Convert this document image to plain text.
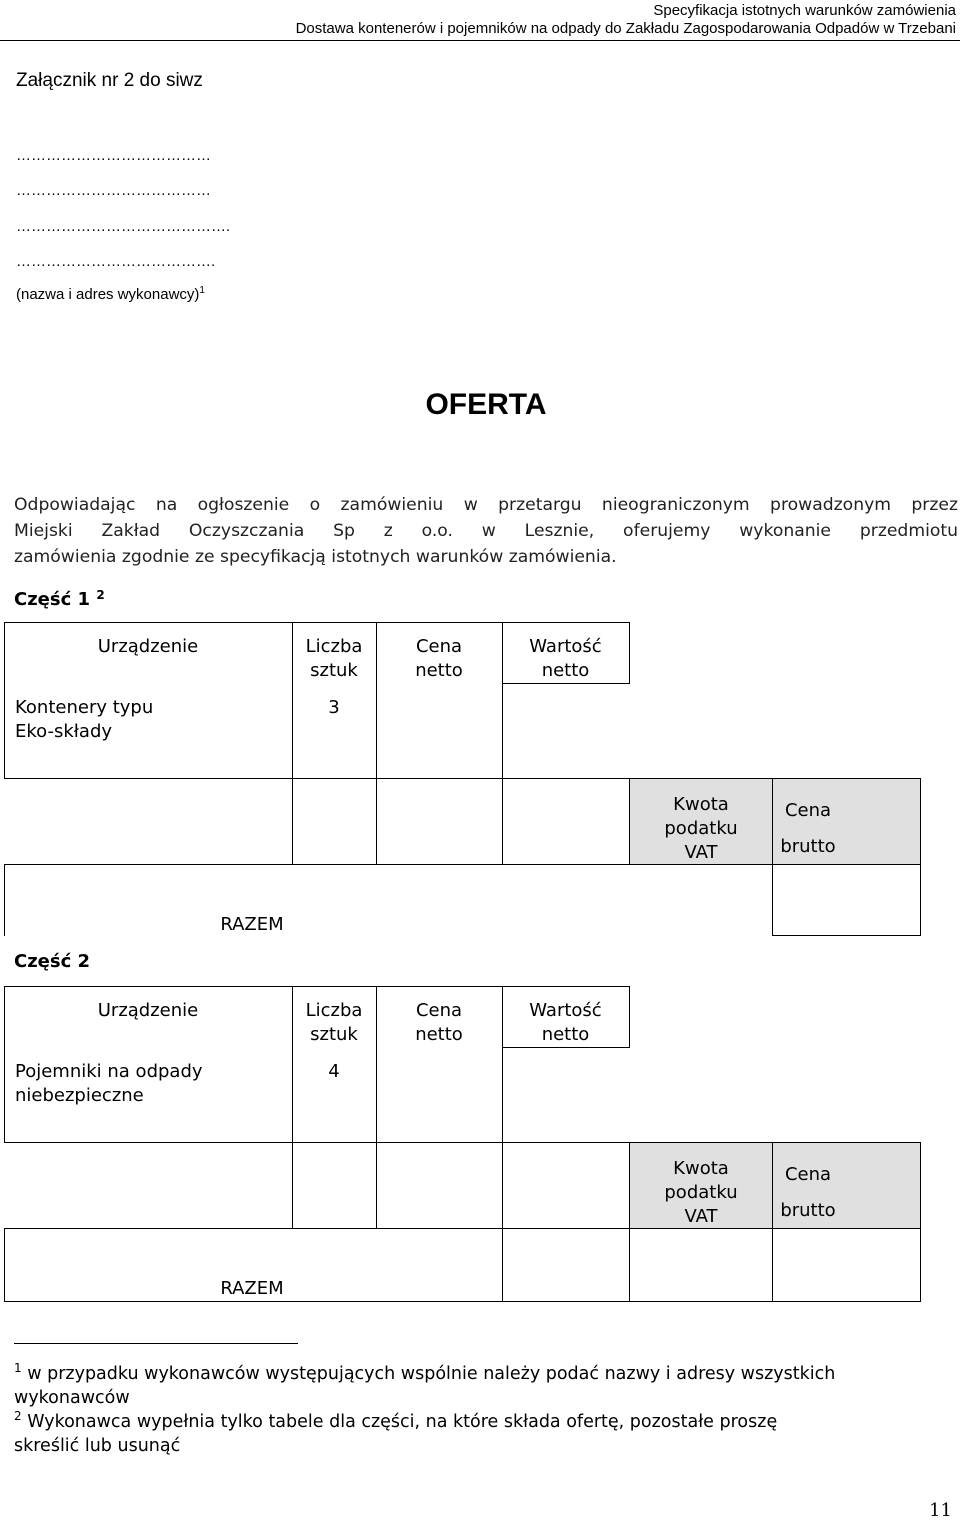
Specyfikacja istotnych warunków zamówienia
Dostawa kontenerów i pojemników na odpady do Zakładu Zagospodarowania Odpadów w Trzebani
Załącznik nr 2 do siwz
…………………………………
…………………………………
…………………………………….
………………………………….
(nazwa i adres wykonawcy)$^1$
OFERTA
Odpowiadając na ogłoszenie o zamówieniu w przetargu nieograniczonym prowadzonym przez
Miejski Zakład Oczyszczania Sp z o.o. w Lesznie, oferujemy wykonanie przedmiotu
zamówienia zgodnie ze specyfikacją istotnych warunków zamówienia.
Część 1 $^2$
Urządzenie	Liczba
sztuk
Cena
netto
Wartość
netto
Kontenery typu
Eko-składy
3
Kwota
podatku
VAT
Cena
brutto
RAZEM
Część 2
Urządzenie	Liczba
sztuk
Cena
netto
Wartość
netto
Pojemniki na odpady
niebezpieczne
4
Kwota
podatku
VAT
Cena
brutto
RAZEM
$^1$ w przypadku wykonawców występujących wspólnie należy podać nazwy i adresy wszystkich
wykonawców
$^2$ Wykonawca wypełnia tylko tabele dla części, na które składa ofertę, pozostałe proszę
skreślić lub usunąć
11
